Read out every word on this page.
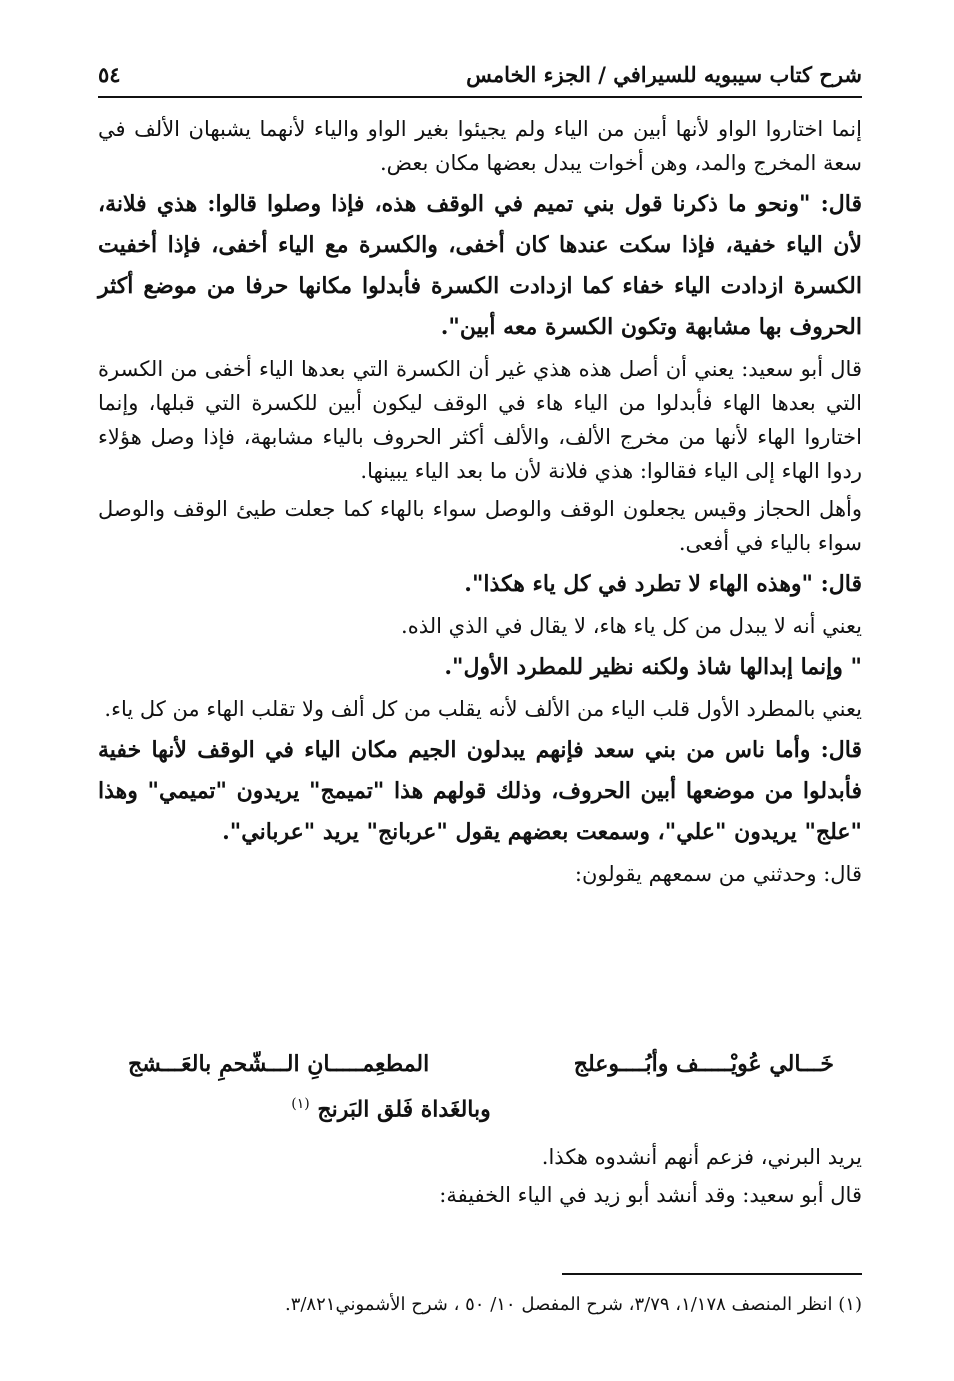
شرح كتاب سيبويه للسيرافي / الجزء الخامس
٥٤

إنما اختاروا الواو لأنها أبين من الياء ولم يجيئوا بغير الواو والياء لأنهما يشبهان الألف في سعة المخرج والمد، وهن أخوات يبدل بعضها مكان بعض.

قال: "ونحو ما ذكرنا قول بني تميم في الوقف هذه، فإذا وصلوا قالوا: هذي فلانة، لأن الياء خفية، فإذا سكت عندها كان أخفى، والكسرة مع الياء أخفى، فإذا أخفيت الكسرة ازدادت الياء خفاء كما ازدادت الكسرة فأبدلوا مكانها حرفا من موضع أكثر الحروف بها مشابهة وتكون الكسرة معه أبين".

قال أبو سعيد: يعني أن أصل هذه هذي غير أن الكسرة التي بعدها الياء أخفى من الكسرة التي بعدها الهاء فأبدلوا من الياء هاء في الوقف ليكون أبين للكسرة التي قبلها، وإنما اختاروا الهاء لأنها من مخرج الألف، والألف أكثر الحروف بالياء مشابهة، فإذا وصل هؤلاء ردوا الهاء إلى الياء فقالوا: هذي فلانة لأن ما بعد الياء يبينها.

وأهل الحجاز وقيس يجعلون الوقف والوصل سواء بالهاء كما جعلت طيئ الوقف والوصل سواء بالياء في أفعى.

قال: "وهذه الهاء لا تطرد في كل ياء هكذا".

يعني أنه لا يبدل من كل ياء هاء، لا يقال في الذي الذه.

" وإنما إبدالها شاذ ولكنه نظير للمطرد الأول".

يعني بالمطرد الأول قلب الياء من الألف لأنه يقلب من كل ألف ولا تقلب الهاء من كل ياء.

قال: وأما ناس من بني سعد فإنهم يبدلون الجيم مكان الياء في الوقف لأنها خفية فأبدلوا من موضعها أبين الحروف، وذلك قولهم هذا "تميمج" يريدون "تميمي" وهذا "علج" يريدون "علي"، وسمعت بعضهم يقول "عربانج" يريد "عرباني".

قال: وحدثني من سمعهم يقولون:

خَـــالي عُويْـــــف وأبُــــوعلج
المطعِمـــــانِ الـــشّحمِ بالعَـــشج
وبالغَداة فَلق البَرنج $^{(١)}$
يريد البرني، فزعم أنهم أنشدوه هكذا.
قال أبو سعيد: وقد أنشد أبو زيد في الياء الخفيفة:
(١) انظر المنصف ١/١٧٨، ٣/٧٩، شرح المفصل ١٠/ ٥٠ ، شرح الأشموني٣/٨٢١.
